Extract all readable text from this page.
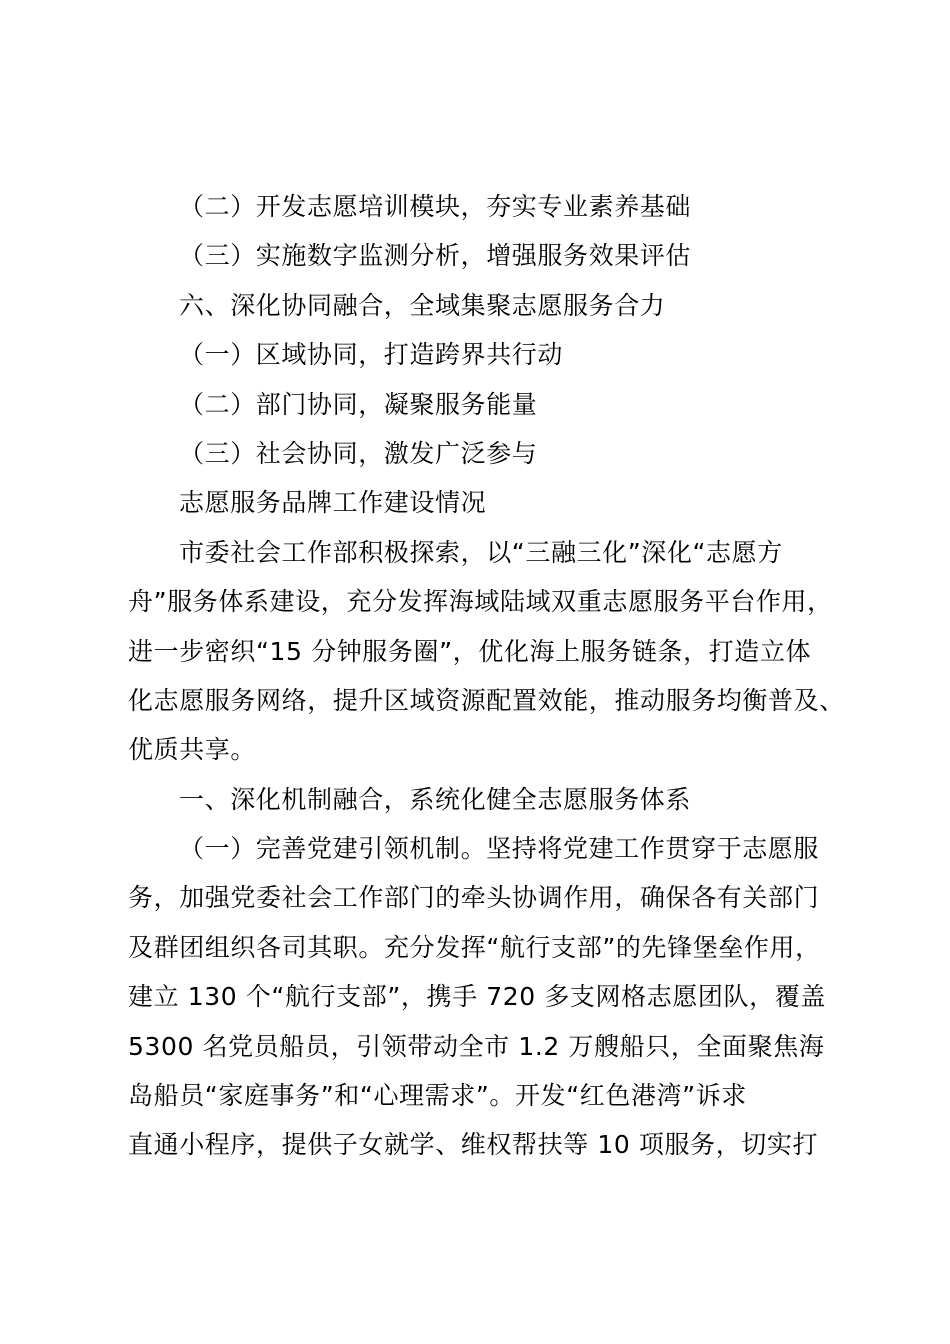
（二）开发志愿培训模块，夯实专业素养基础
（三）实施数字监测分析，增强服务效果评估
六、深化协同融合，全域集聚志愿服务合力
（一）区域协同，打造跨界共行动
（二）部门协同，凝聚服务能量
（三）社会协同，激发广泛参与
志愿服务品牌工作建设情况
市委社会工作部积极探索，以“三融三化”深化“志愿方
舟”服务体系建设，充分发挥海域陆域双重志愿服务平台作用，
进一步密织“15 分钟服务圈”，优化海上服务链条，打造立体
化志愿服务网络，提升区域资源配置效能，推动服务均衡普及、
优质共享。
一、深化机制融合，系统化健全志愿服务体系
（一）完善党建引领机制。坚持将党建工作贯穿于志愿服
务，加强党委社会工作部门的牵头协调作用，确保各有关部门
及群团组织各司其职。充分发挥“航行支部”的先锋堡垒作用，
建立 130 个“航行支部”，携手 720 多支网格志愿团队，覆盖
5300 名党员船员，引领带动全市 1.2 万艘船只，全面聚焦海
岛船员“家庭事务”和“心理需求”。开发“红色港湾”诉求
直通小程序，提供子女就学、维权帮扶等 10 项服务，切实打
